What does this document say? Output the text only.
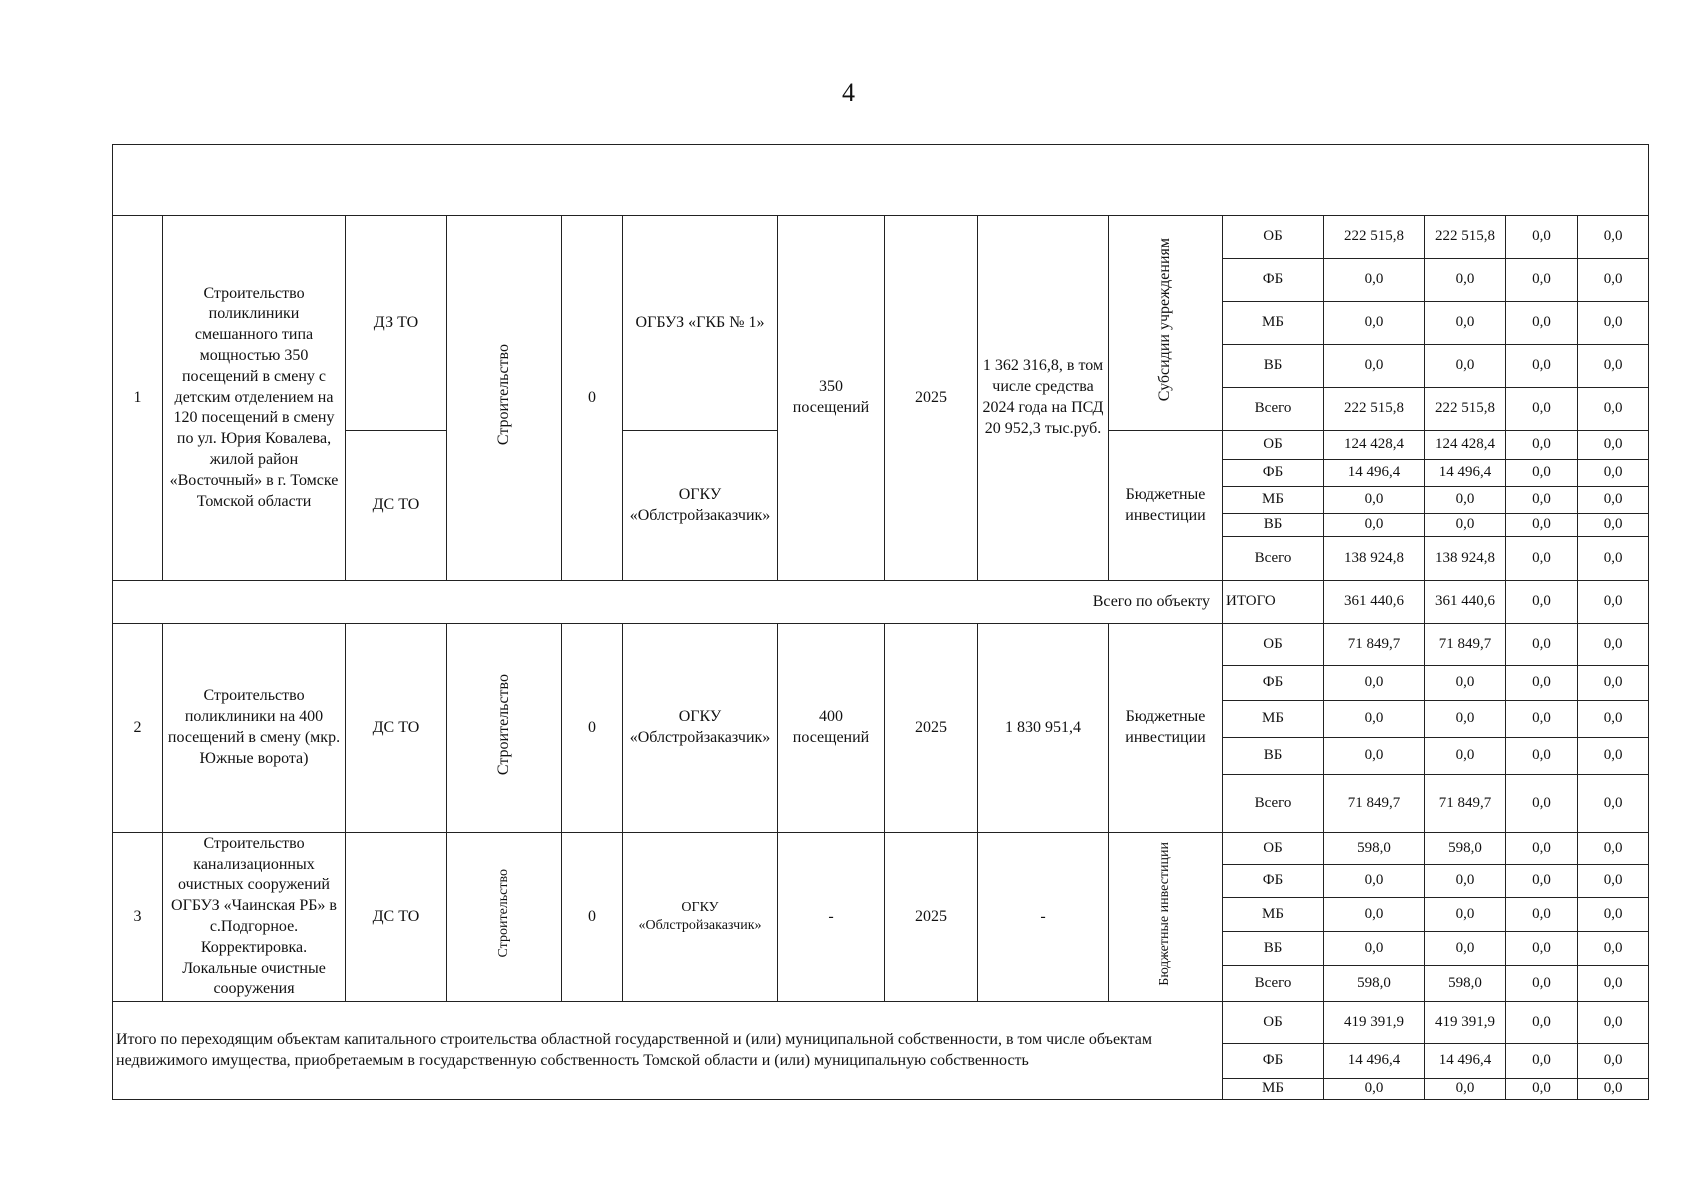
4

1	Строительство поликлиники смешанного типа мощностью 350 посещений в смену с детским отделением на 120 посещений в смену по ул. Юрия Ковалева, жилой район «Восточный» в г. Томске Томской области	ДЗ ТО	Строительство	0	ОГБУЗ «ГКБ № 1»	350 посещений	2025	1 362 316,8, в том числе средства 2024 года на ПСД 20 952,3 тыс.руб.	Субсидии учреждениям	ОБ	222 515,8	222 515,8	0,0	0,0
										ФБ	0,0	0,0	0,0	0,0
										МБ	0,0	0,0	0,0	0,0
										ВБ	0,0	0,0	0,0	0,0
										Всего	222 515,8	222 515,8	0,0	0,0
		ДС ТО			ОГКУ «Облстройзаказчик»				Бюджетные инвестиции	ОБ	124 428,4	124 428,4	0,0	0,0
										ФБ	14 496,4	14 496,4	0,0	0,0
										МБ	0,0	0,0	0,0	0,0
										ВБ	0,0	0,0	0,0	0,0
										Всего	138 924,8	138 924,8	0,0	0,0
Всего по объекту										ИТОГО	361 440,6	361 440,6	0,0	0,0
2	Строительство поликлиники на 400 посещений в смену (мкр. Южные ворота)	ДС ТО	Строительство	0	ОГКУ «Облстройзаказчик»	400 посещений	2025	1 830 951,4	Бюджетные инвестиции	ОБ	71 849,7	71 849,7	0,0	0,0
										ФБ	0,0	0,0	0,0	0,0
										МБ	0,0	0,0	0,0	0,0
										ВБ	0,0	0,0	0,0	0,0
										Всего	71 849,7	71 849,7	0,0	0,0
3	Строительство канализационных очистных сооружений ОГБУЗ «Чаинская РБ» в с.Подгорное. Корректировка. Локальные очистные сооружения	ДС ТО	Строительство	0	ОГКУ «Облстройзаказчик»	-	2025	-	Бюджетные инвестиции	ОБ	598,0	598,0	0,0	0,0
										ФБ	0,0	0,0	0,0	0,0
										МБ	0,0	0,0	0,0	0,0
										ВБ	0,0	0,0	0,0	0,0
										Всего	598,0	598,0	0,0	0,0
Итого по переходящим объектам капитального строительства областной государственной и (или) муниципальной собственности, в том числе объектам недвижимого имущества, приобретаемым в государственную собственность Томской области и (или) муниципальную собственность										ОБ	419 391,9	419 391,9	0,0	0,0
										ФБ	14 496,4	14 496,4	0,0	0,0
										МБ	0,0	0,0	0,0	0,0
